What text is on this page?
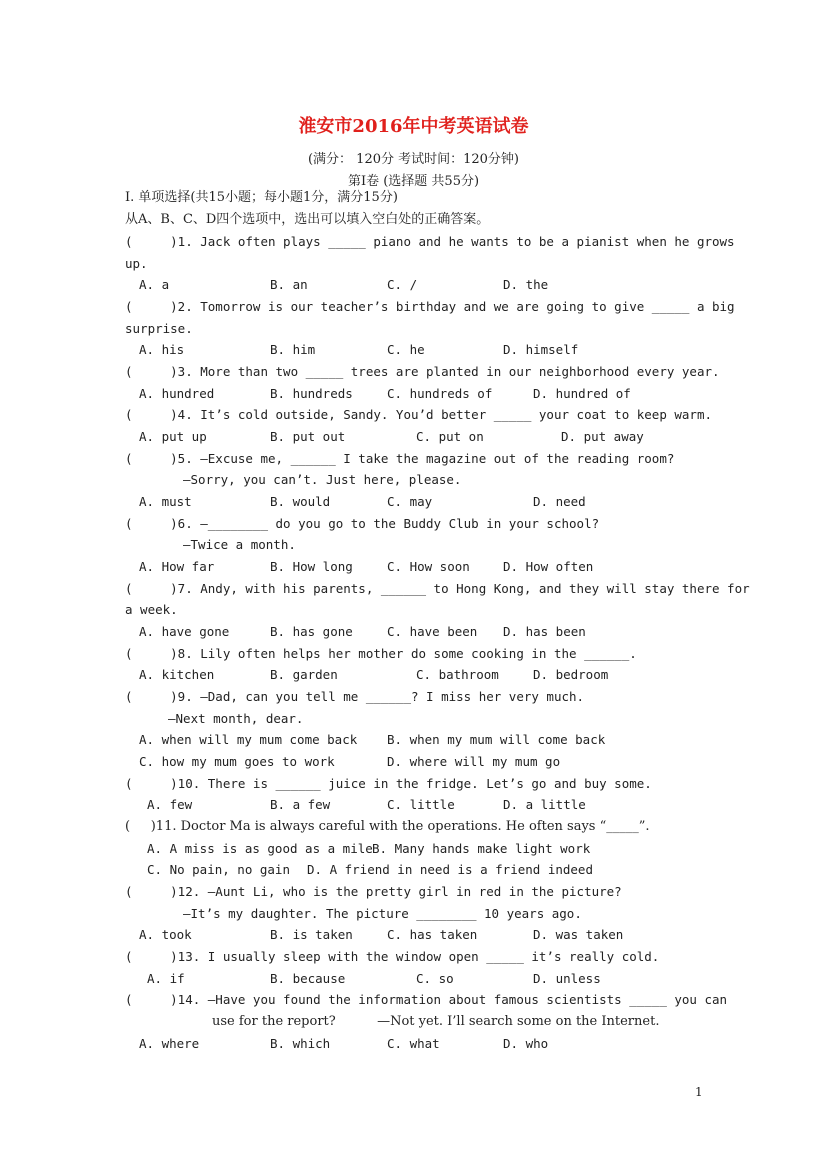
淮安市2016年中考英语试卷
(满分： 120分 考试时间：120分钟)
第Ⅰ卷 (选择题 共55分)
Ⅰ. 单项选择(共15小题；每小题1分，满分15分)
从A、B、C、D四个选项中，选出可以填入空白处的正确答案。
(     )1. Jack often plays _____ piano and he wants to be a pianist when he grows
up.
A. a	B. an	C. /	D. the
(     )2. Tomorrow is our teacher’s birthday and we are going to give _____ a big
surprise.
A. his	B. him	C. he	D. himself
(     )3. More than two _____ trees are planted in our neighborhood every year.
A. hundred	B. hundreds	C. hundreds of	D. hundred of
(     )4. It’s cold outside, Sandy. You’d better _____ your coat to keep warm.
A. put up	B. put out	C. put on	D. put away
(     )5. —Excuse me, ______ I take the magazine out of the reading room?
—Sorry, you can’t. Just here, please.
A. must	B. would	C. may	D. need
(     )6. —________ do you go to the Buddy Club in your school?
—Twice a month.
A. How far	B. How long	C. How soon	D. How often
(     )7. Andy, with his parents, ______ to Hong Kong, and they will stay there for
a week.
A. have gone	B. has gone	C. have been D. has been
(     )8. Lily often helps her mother do some cooking in the ______.
A. kitchen	B. garden	C. bathroom	D. bedroom
(     )9. —Dad, can you tell me ______? I miss her very much.
—Next month, dear.
A. when will my mum come back B. when my mum will come back
C. how my mum goes to work	D. where will my mum go
(     )10. There is ______ juice in the fridge. Let’s go and buy some.
A. few	B. a few	C. little	D. a little
(     )11. Doctor Ma is always careful with the operations. He often says “_____”.
A. A miss is as good as a mile B. Many hands make light work
C. No pain, no gain D. A friend in need is a friend indeed
(     )12. —Aunt Li, who is the pretty girl in red in the picture?
—It’s my daughter. The picture ________ 10 years ago.
A. took	B. is taken	C. has taken	D. was taken
(     )13. I usually sleep with the window open _____ it’s really cold.
A. if	B. because	C. so	D. unless
(     )14. —Have you found the information about famous scientists _____ you can
use for the report?          —Not yet. I’ll search some on the Internet.
A. where	B. which	C. what	D. who
1
